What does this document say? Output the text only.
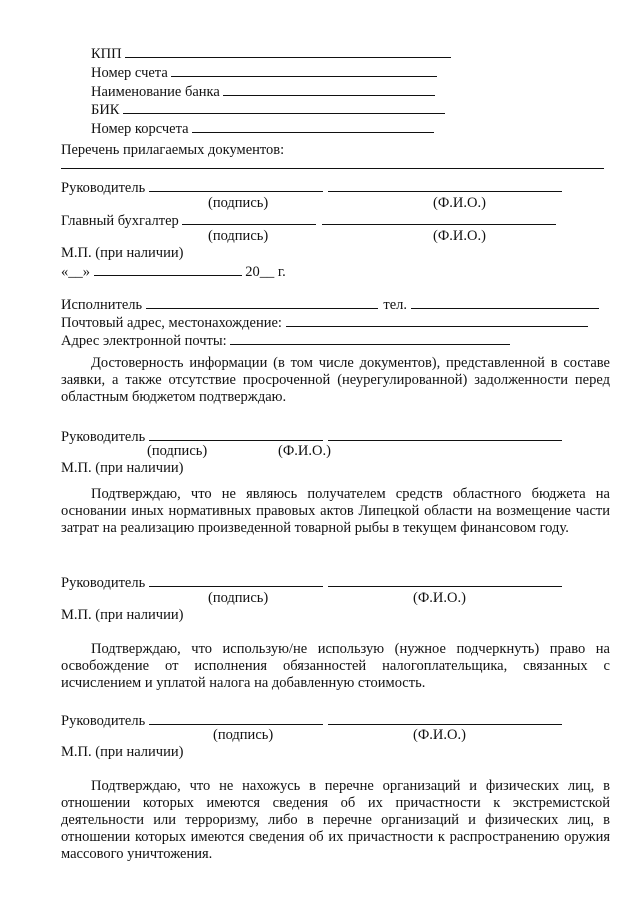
КПП
Номер счета
Наименование банка
БИК
Номер корсчета
Перечень прилагаемых документов:
Руководитель
(подпись)	(Ф.И.О.)
Главный бухгалтер
(подпись)	(Ф.И.О.)
М.П. (при наличии)
«__»	20__ г.
Исполнитель	тел.
Почтовый адрес, местонахождение:
Адрес электронной почты:
Достоверность информации (в том числе документов), представленной в составе заявки, а также отсутствие просроченной (неурегулированной) задолженности перед областным бюджетом подтверждаю.
Руководитель
(подпись)	(Ф.И.О.)
М.П. (при наличии)
Подтверждаю, что не являюсь получателем средств областного бюджета на основании иных нормативных правовых актов Липецкой области на возмещение части затрат на реализацию произведенной товарной рыбы в текущем финансовом году.
Руководитель
(подпись)	(Ф.И.О.)
М.П. (при наличии)
Подтверждаю, что использую/не использую (нужное подчеркнуть) право на освобождение от исполнения обязанностей налогоплательщика, связанных с исчислением и уплатой налога на добавленную стоимость.
Руководитель
(подпись)	(Ф.И.О.)
М.П. (при наличии)
Подтверждаю, что не нахожусь в перечне организаций и физических лиц, в отношении которых имеются сведения об их причастности к экстремистской деятельности или терроризму, либо в перечне организаций и физических лиц, в отношении которых имеются сведения об их причастности к распространению оружия массового уничтожения.
